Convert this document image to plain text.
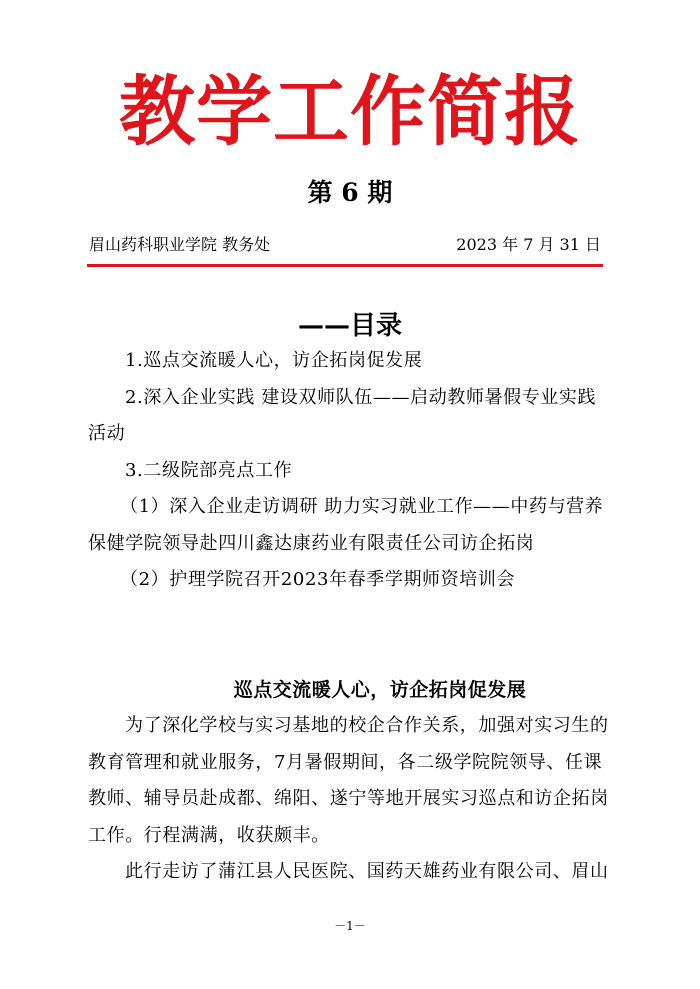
教学工作简报
第 6 期
眉山药科职业学院 教务处	2023 年 7 月 31 日
——目录
1.巡点交流暖人心，访企拓岗促发展
2.深入企业实践 建设双师队伍——启动教师暑假专业实践
活动
3.二级院部亮点工作
（1）深入企业走访调研 助力实习就业工作——中药与营养
保健学院领导赴四川鑫达康药业有限责任公司访企拓岗
（2）护理学院召开2023年春季学期师资培训会
巡点交流暖人心，访企拓岗促发展
为了深化学校与实习基地的校企合作关系，加强对实习生的
教育管理和就业服务，7月暑假期间，各二级学院院领导、任课
教师、辅导员赴成都、绵阳、遂宁等地开展实习巡点和访企拓岗
工作。行程满满，收获颇丰。
此行走访了蒲江县人民医院、国药天雄药业有限公司、眉山
－1－
